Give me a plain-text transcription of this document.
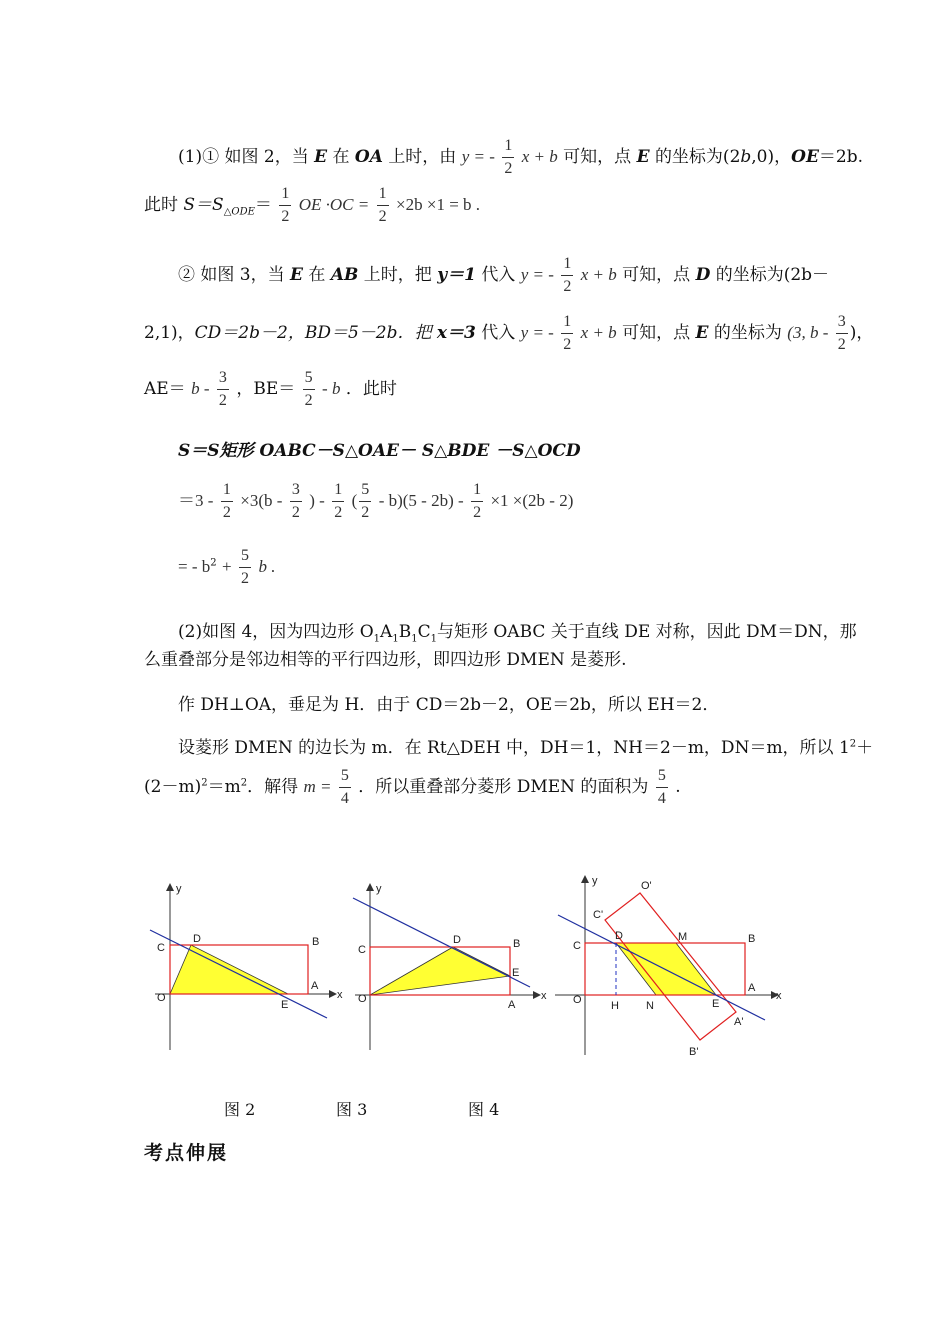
(1)① 如图 2，当 E 在 OA 上时，由 y = - $\frac{1}{2}$ x + b 可知，点 E 的坐标为(2b,0)，OE＝2b.
此时 $S=S_{\triangle ODE}= \frac{1}{2}$ OE $\cdot OC = \frac{1}{2} \times 2b \times 1 = b$ .
② 如图 3，当 E 在 AB 上时，把 y＝1 代入 y = - $\frac{1}{2}$ x + b 可知，点 D 的坐标为(2b－
2,1)，CD＝2b－2，BD＝5－2b．把 x＝3 代入 y = - $\frac{1}{2}$ x + b 可知，点 E 的坐标为 (3, b - $\frac{3}{2}$ )，
$AE= b - \frac{3}{2}$ ，$BE= \frac{5}{2} - b$ ．此时
S＝S矩形 OABC－S△OAE－ S△BDE －S△OCD
$=3 - \frac{1}{2} \times 3(b - \frac{3}{2}$ ) - $\frac{1}{2}$ ( $\frac{5}{2} - b)(5 - 2b) - \frac{1}{2} \times 1 \times(2b - 2)$
= - $b^2 + \frac{5}{2}$ b .
(2)如图 4，因为四边形 $O_1A_1B_1C_1$与矩形 OABC 关于直线 DE 对称，因此 DM＝DN，那
么重叠部分是邻边相等的平行四边形，即四边形 DMEN 是菱形.
作 DH⊥OA，垂足为 H．由于 CD＝2b－2，OE＝2b，所以 EH＝2．
设菱形 DMEN 的边长为 m．在 Rt△DEH 中，DH＝1，NH＝2－m，DN＝m，所以 $1^2+$
$(2-m)^2=m^2$．解得 $m = \frac{5}{4}$ ．所以重叠部分菱形 DMEN 的面积为 $\frac{5}{4}$ .
y
x
C
D	B
O
E
A
y
x
C
D	B
O
E
A
y
x
O'
C'
C
D	M	B
O	H N	E
A
A'
B'
图 2	图 3	图 4
考点伸展
